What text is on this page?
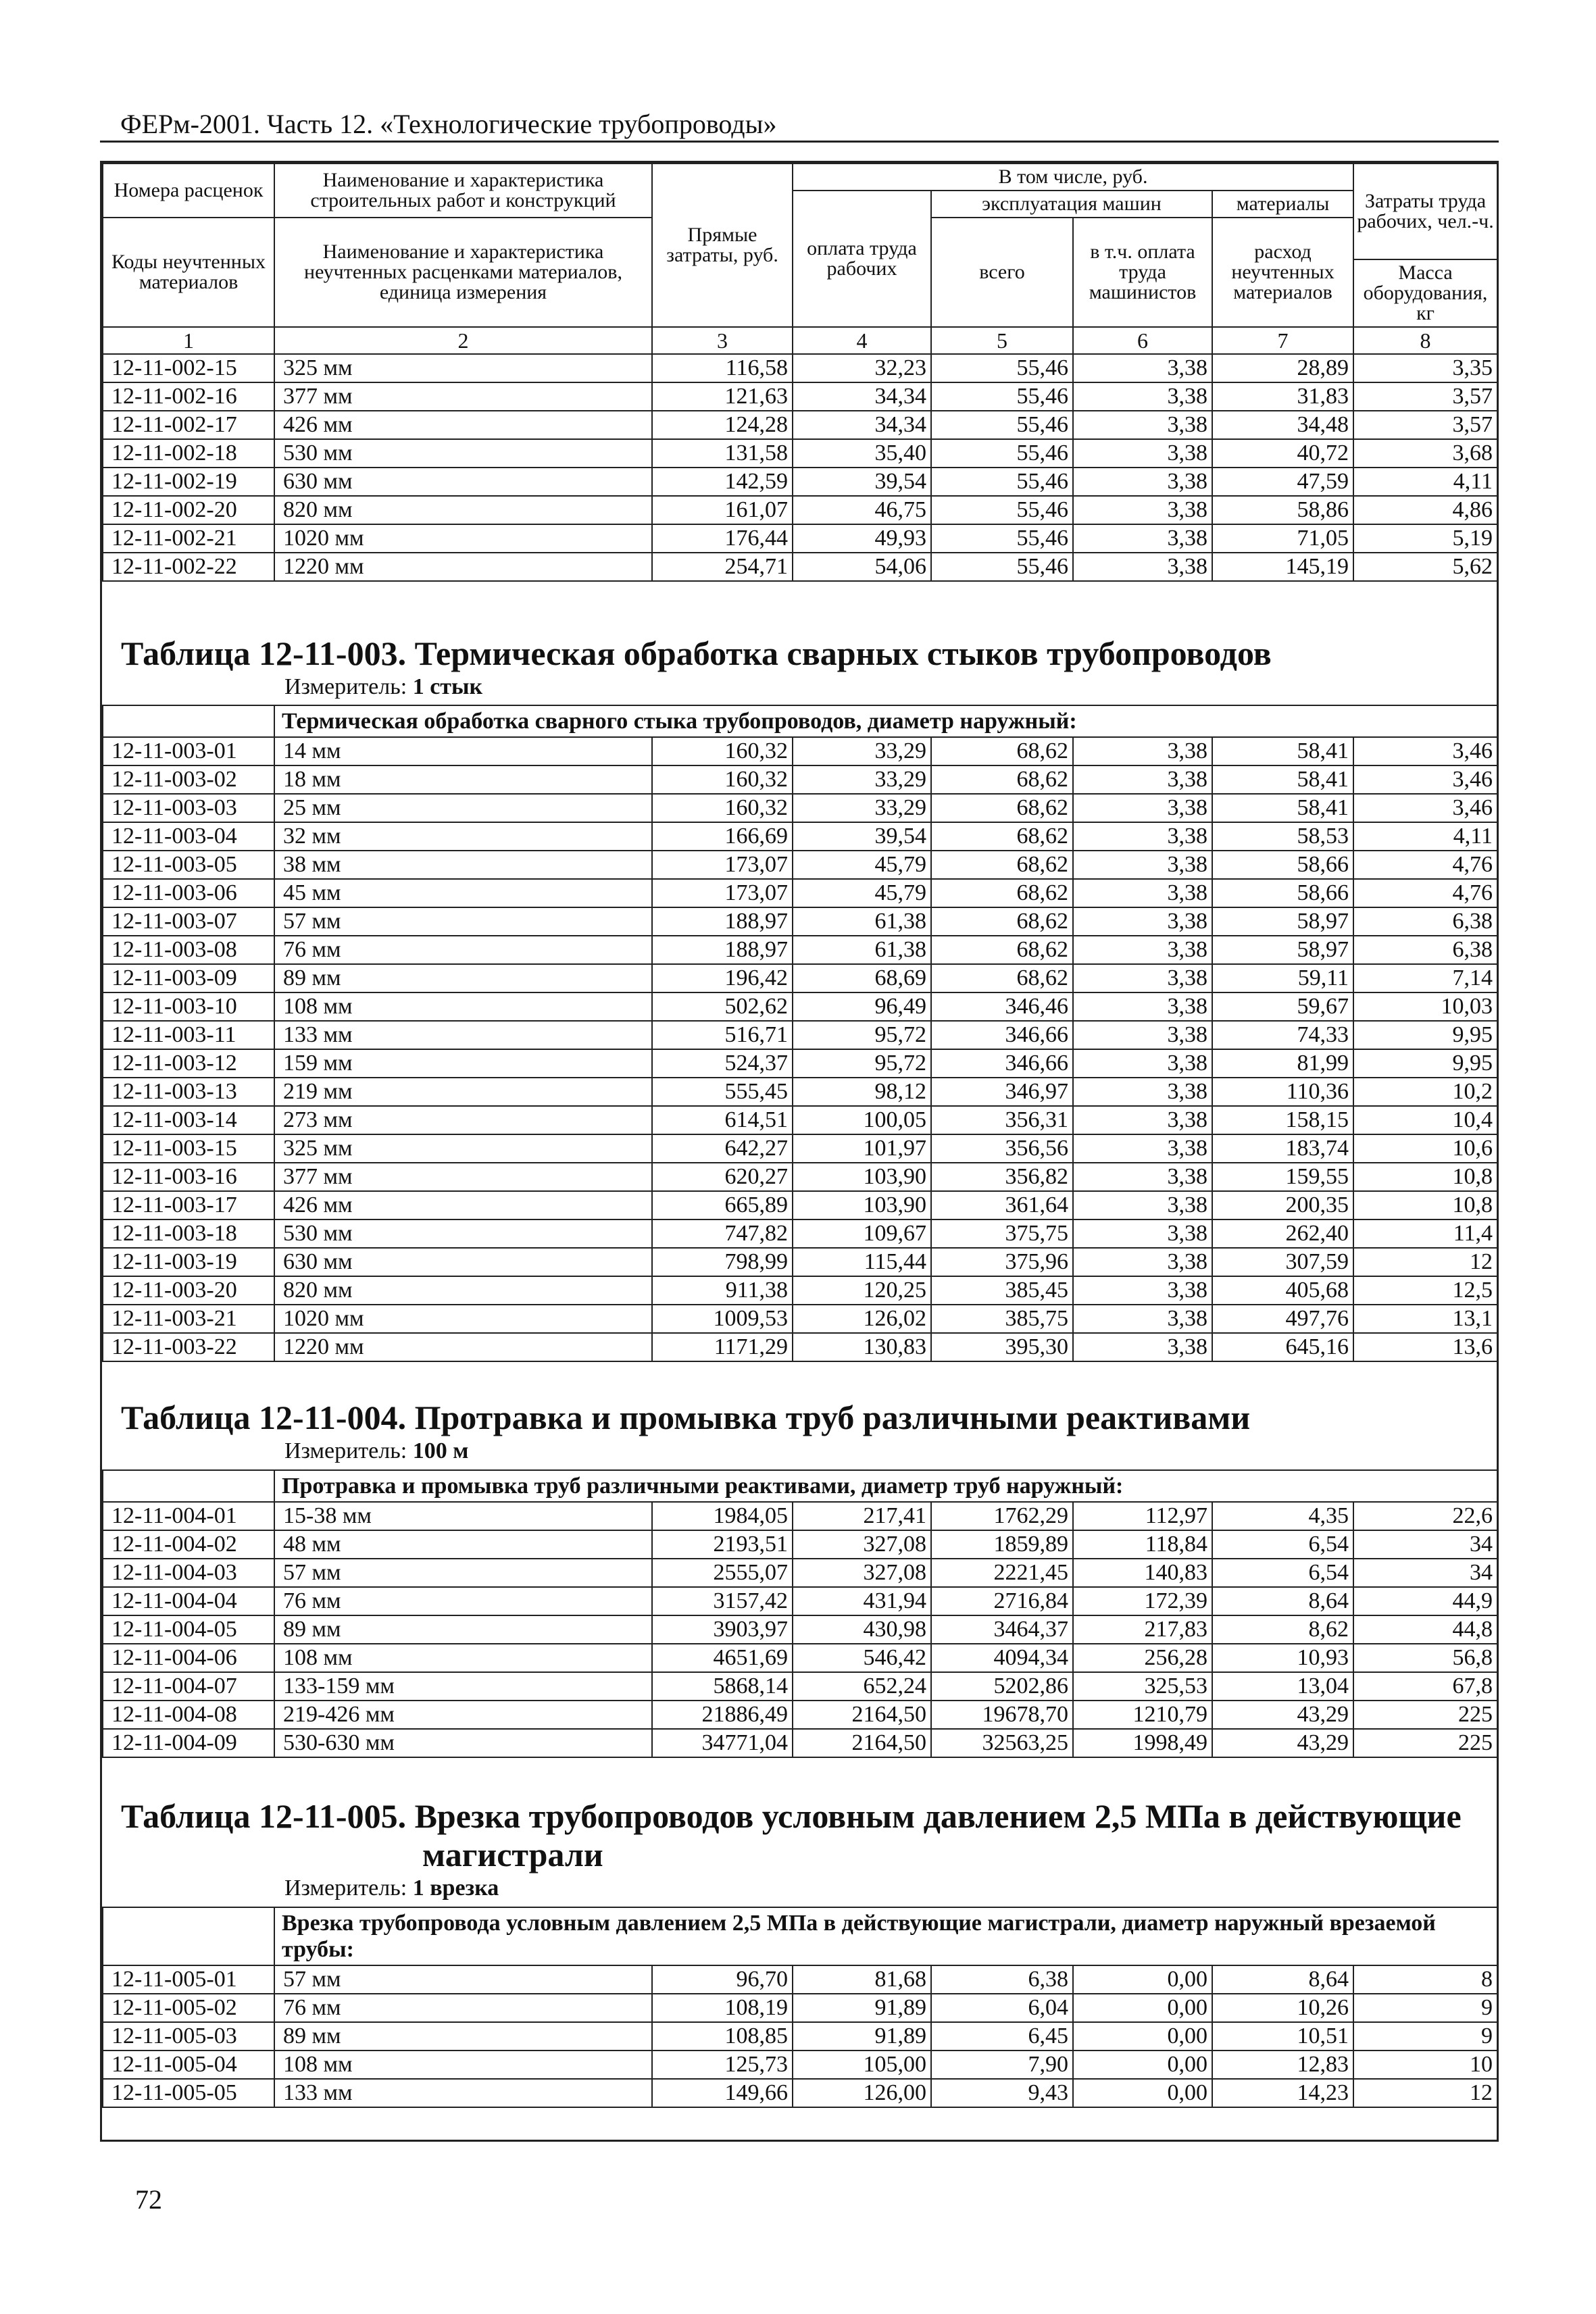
ФЕРм-2001. Часть 12. «Технологические трубопроводы»
Номера расценок	Наименование и характеристика строительных работ и конструкций	Прямые затраты, руб.	В том числе, руб.				Затраты труда рабочих, чел.-ч.
			оплата труда рабочих	эксплуатация машин		материалы	
Коды неучтенных материалов	Наименование и характеристика неучтенных расценками материалов, единица измерения			всего	в т.ч. оплата труда машинистов	расход неучтенных материалов	
							Масса оборудования, кг
1	2	3	4	5	6	7	8
12-11-002-15	325 мм	116,58	32,23	55,46	3,38	28,89	3,35
12-11-002-16	377 мм	121,63	34,34	55,46	3,38	31,83	3,57
12-11-002-17	426 мм	124,28	34,34	55,46	3,38	34,48	3,57
12-11-002-18	530 мм	131,58	35,40	55,46	3,38	40,72	3,68
12-11-002-19	630 мм	142,59	39,54	55,46	3,38	47,59	4,11
12-11-002-20	820 мм	161,07	46,75	55,46	3,38	58,86	4,86
12-11-002-21	1020 мм	176,44	49,93	55,46	3,38	71,05	5,19
12-11-002-22	1220 мм	254,71	54,06	55,46	3,38	145,19	5,62
Таблица 12-11-003. Термическая обработка сварных стыков трубопроводов
Измеритель: 1 стык
	Термическая обработка сварного стыка трубопроводов, диаметр наружный:						
12-11-003-01	14 мм	160,32	33,29	68,62	3,38	58,41	3,46
12-11-003-02	18 мм	160,32	33,29	68,62	3,38	58,41	3,46
12-11-003-03	25 мм	160,32	33,29	68,62	3,38	58,41	3,46
12-11-003-04	32 мм	166,69	39,54	68,62	3,38	58,53	4,11
12-11-003-05	38 мм	173,07	45,79	68,62	3,38	58,66	4,76
12-11-003-06	45 мм	173,07	45,79	68,62	3,38	58,66	4,76
12-11-003-07	57 мм	188,97	61,38	68,62	3,38	58,97	6,38
12-11-003-08	76 мм	188,97	61,38	68,62	3,38	58,97	6,38
12-11-003-09	89 мм	196,42	68,69	68,62	3,38	59,11	7,14
12-11-003-10	108 мм	502,62	96,49	346,46	3,38	59,67	10,03
12-11-003-11	133 мм	516,71	95,72	346,66	3,38	74,33	9,95
12-11-003-12	159 мм	524,37	95,72	346,66	3,38	81,99	9,95
12-11-003-13	219 мм	555,45	98,12	346,97	3,38	110,36	10,2
12-11-003-14	273 мм	614,51	100,05	356,31	3,38	158,15	10,4
12-11-003-15	325 мм	642,27	101,97	356,56	3,38	183,74	10,6
12-11-003-16	377 мм	620,27	103,90	356,82	3,38	159,55	10,8
12-11-003-17	426 мм	665,89	103,90	361,64	3,38	200,35	10,8
12-11-003-18	530 мм	747,82	109,67	375,75	3,38	262,40	11,4
12-11-003-19	630 мм	798,99	115,44	375,96	3,38	307,59	12
12-11-003-20	820 мм	911,38	120,25	385,45	3,38	405,68	12,5
12-11-003-21	1020 мм	1009,53	126,02	385,75	3,38	497,76	13,1
12-11-003-22	1220 мм	1171,29	130,83	395,30	3,38	645,16	13,6
Таблица 12-11-004. Протравка и промывка труб различными реактивами
Измеритель: 100 м
	Протравка и промывка труб различными реактивами, диаметр труб наружный:						
12-11-004-01	15-38 мм	1984,05	217,41	1762,29	112,97	4,35	22,6
12-11-004-02	48 мм	2193,51	327,08	1859,89	118,84	6,54	34
12-11-004-03	57 мм	2555,07	327,08	2221,45	140,83	6,54	34
12-11-004-04	76 мм	3157,42	431,94	2716,84	172,39	8,64	44,9
12-11-004-05	89 мм	3903,97	430,98	3464,37	217,83	8,62	44,8
12-11-004-06	108 мм	4651,69	546,42	4094,34	256,28	10,93	56,8
12-11-004-07	133-159 мм	5868,14	652,24	5202,86	325,53	13,04	67,8
12-11-004-08	219-426 мм	21886,49	2164,50	19678,70	1210,79	43,29	225
12-11-004-09	530-630 мм	34771,04	2164,50	32563,25	1998,49	43,29	225
Таблица 12-11-005. Врезка трубопроводов условным давлением 2,5 МПа в действующие
магистрали
Измеритель: 1 врезка
	Врезка трубопровода условным давлением 2,5 МПа в действующие магистрали, диаметр наружный врезаемой трубы:						
12-11-005-01	57 мм	96,70	81,68	6,38	0,00	8,64	8
12-11-005-02	76 мм	108,19	91,89	6,04	0,00	10,26	9
12-11-005-03	89 мм	108,85	91,89	6,45	0,00	10,51	9
12-11-005-04	108 мм	125,73	105,00	7,90	0,00	12,83	10
12-11-005-05	133 мм	149,66	126,00	9,43	0,00	14,23	12
72
